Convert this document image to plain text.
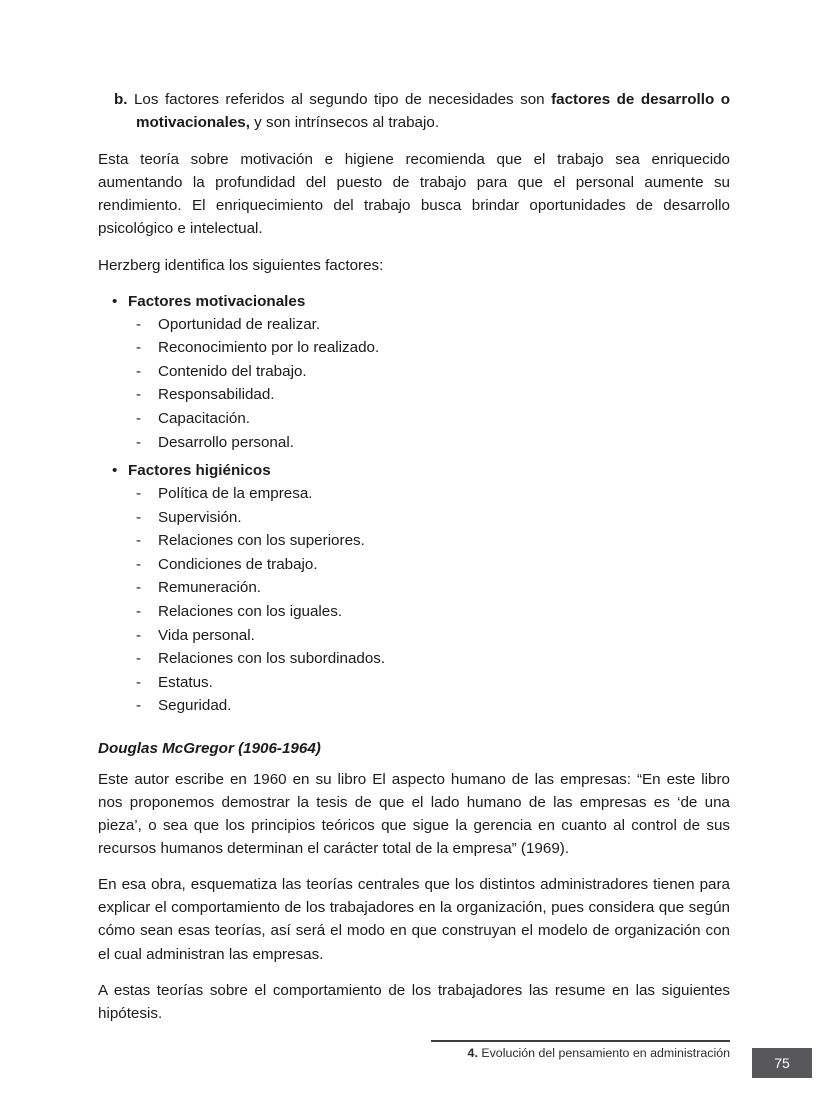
b. Los factores referidos al segundo tipo de necesidades son factores de desarrollo o motivacionales, y son intrínsecos al trabajo.

Esta teoría sobre motivación e higiene recomienda que el trabajo sea enriquecido aumentando la profundidad del puesto de trabajo para que el personal aumente su rendimiento. El enriquecimiento del trabajo busca brindar oportunidades de desarrollo psicológico e intelectual.

Herzberg identifica los siguientes factores:

• Factores motivacionales
- Oportunidad de realizar.
- Reconocimiento por lo realizado.
- Contenido del trabajo.
- Responsabilidad.
- Capacitación.
- Desarrollo personal.
• Factores higiénicos
- Política de la empresa.
- Supervisión.
- Relaciones con los superiores.
- Condiciones de trabajo.
- Remuneración.
- Relaciones con los iguales.
- Vida personal.
- Relaciones con los subordinados.
- Estatus.
- Seguridad.
Douglas McGregor (1906-1964)

Este autor escribe en 1960 en su libro El aspecto humano de las empresas: “En este libro nos proponemos demostrar la tesis de que el lado humano de las empresas es ‘de una pieza’, o sea que los principios teóricos que sigue la gerencia en cuanto al control de sus recursos humanos determinan el carácter total de la empresa” (1969).

En esa obra, esquematiza las teorías centrales que los distintos administradores tienen para explicar el comportamiento de los trabajadores en la organización, pues considera que según cómo sean esas teorías, así será el modo en que construyan el modelo de organización con el cual administran las empresas.

A estas teorías sobre el comportamiento de los trabajadores las resume en las siguientes hipótesis.

4. Evolución del pensamiento en administración
75
